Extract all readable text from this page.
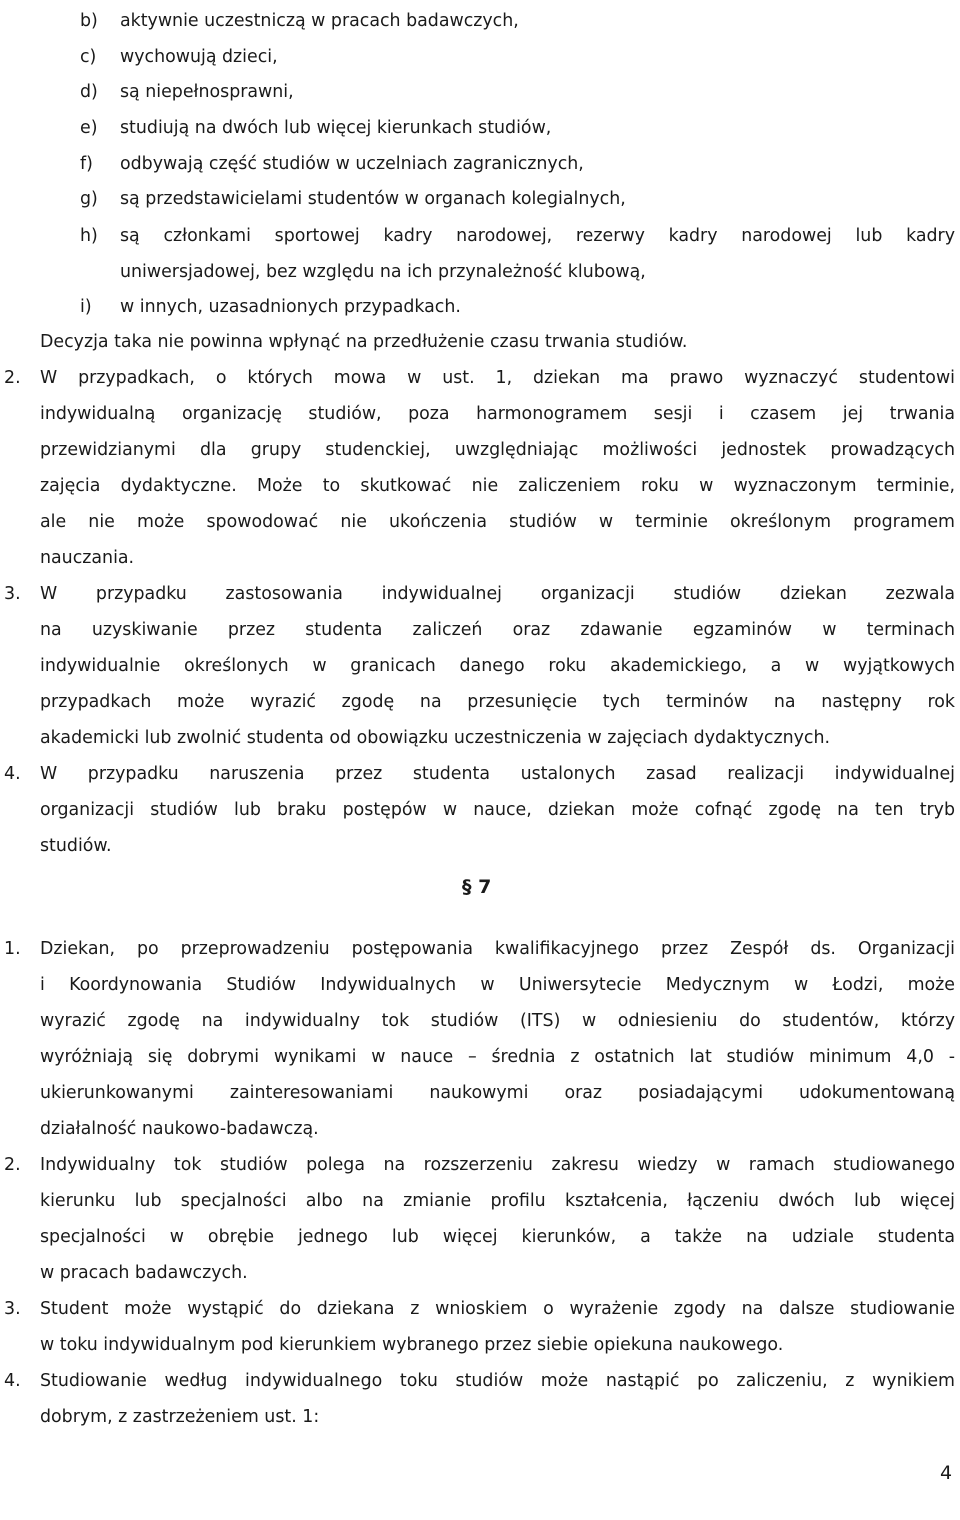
b) aktywnie uczestniczą w pracach badawczych,
c) wychowują dzieci,
d) są niepełnosprawni,
e) studiują na dwóch lub więcej kierunkach studiów,
f) odbywają część studiów w uczelniach zagranicznych,
g) są przedstawicielami studentów w organach kolegialnych,
h) są członkami sportowej kadry narodowej, rezerwy kadry narodowej lub kadry
uniwersjadowej, bez względu na ich przynależność klubową,
i) w innych, uzasadnionych przypadkach.
Decyzja taka nie powinna wpłynąć na przedłużenie czasu trwania studiów.
2. W przypadkach, o których mowa w ust. 1, dziekan ma prawo wyznaczyć studentowi
indywidualną organizację studiów, poza harmonogramem sesji i czasem jej trwania
przewidzianymi dla grupy studenckiej, uwzględniając możliwości jednostek prowadzących
zajęcia dydaktyczne. Może to skutkować nie zaliczeniem roku w wyznaczonym terminie,
ale nie może spowodować nie ukończenia studiów w terminie określonym programem
nauczania.
3. W przypadku zastosowania indywidualnej organizacji studiów dziekan zezwala
na uzyskiwanie przez studenta zaliczeń oraz zdawanie egzaminów w terminach
indywidualnie określonych w granicach danego roku akademickiego, a w wyjątkowych
przypadkach może wyrazić zgodę na przesunięcie tych terminów na następny rok
akademicki lub zwolnić studenta od obowiązku uczestniczenia w zajęciach dydaktycznych.
4. W przypadku naruszenia przez studenta ustalonych zasad realizacji indywidualnej
organizacji studiów lub braku postępów w nauce, dziekan może cofnąć zgodę na ten tryb
studiów.
§ 7
1. Dziekan, po przeprowadzeniu postępowania kwalifikacyjnego przez Zespół ds. Organizacji
i Koordynowania Studiów Indywidualnych w Uniwersytecie Medycznym w Łodzi, może
wyrazić zgodę na indywidualny tok studiów (ITS) w odniesieniu do studentów, którzy
wyróżniają się dobrymi wynikami w nauce – średnia z ostatnich lat studiów minimum 4,0 -
ukierunkowanymi zainteresowaniami naukowymi oraz posiadającymi udokumentowaną
działalność naukowo-badawczą.
2. Indywidualny tok studiów polega na rozszerzeniu zakresu wiedzy w ramach studiowanego
kierunku lub specjalności albo na zmianie profilu kształcenia, łączeniu dwóch lub więcej
specjalności w obrębie jednego lub więcej kierunków, a także na udziale studenta
w pracach badawczych.
3. Student może wystąpić do dziekana z wnioskiem o wyrażenie zgody na dalsze studiowanie
w toku indywidualnym pod kierunkiem wybranego przez siebie opiekuna naukowego.
4. Studiowanie według indywidualnego toku studiów może nastąpić po zaliczeniu, z wynikiem
dobrym, z zastrzeżeniem ust. 1:
4
